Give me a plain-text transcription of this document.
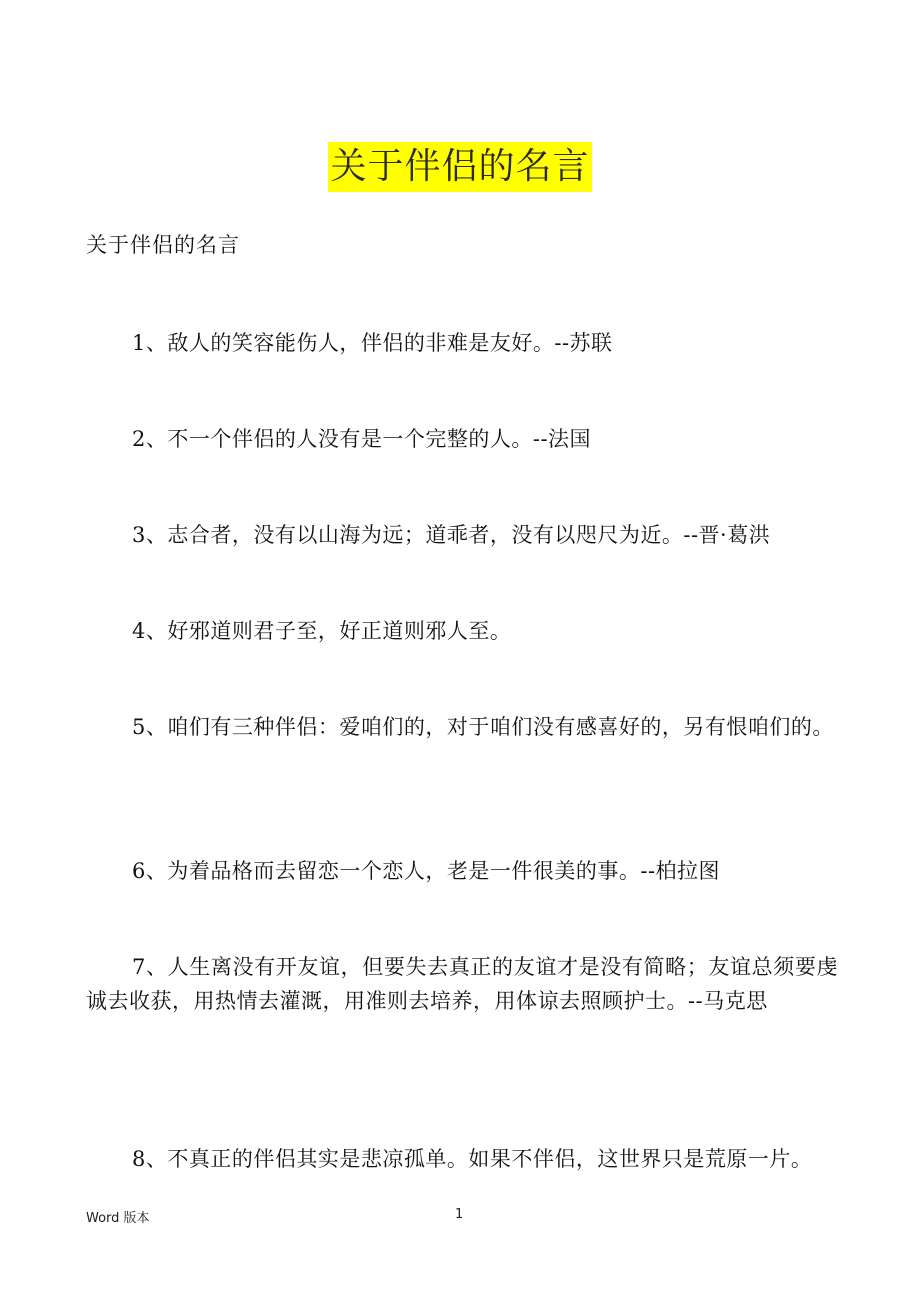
关于伴侣的名言
关于伴侣的名言

1、敌人的笑容能伤人，伴侣的非难是友好。--苏联

2、不一个伴侣的人没有是一个完整的人。--法国

3、志合者，没有以山海为远；道乖者，没有以咫尺为近。--晋·葛洪

4、好邪道则君子至，好正道则邪人至。

5、咱们有三种伴侣：爱咱们的，对于咱们没有感喜好的，另有恨咱们的。

6、为着品格而去留恋一个恋人，老是一件很美的事。--柏拉图

7、人生离没有开友谊，但要失去真正的友谊才是没有简略；友谊总须要虔诚去收获，用热情去灌溉，用准则去培养，用体谅去照顾护士。--马克思

8、不真正的伴侣其实是悲凉孤单。如果不伴侣，这世界只是荒原一片。

Word 版本	1
